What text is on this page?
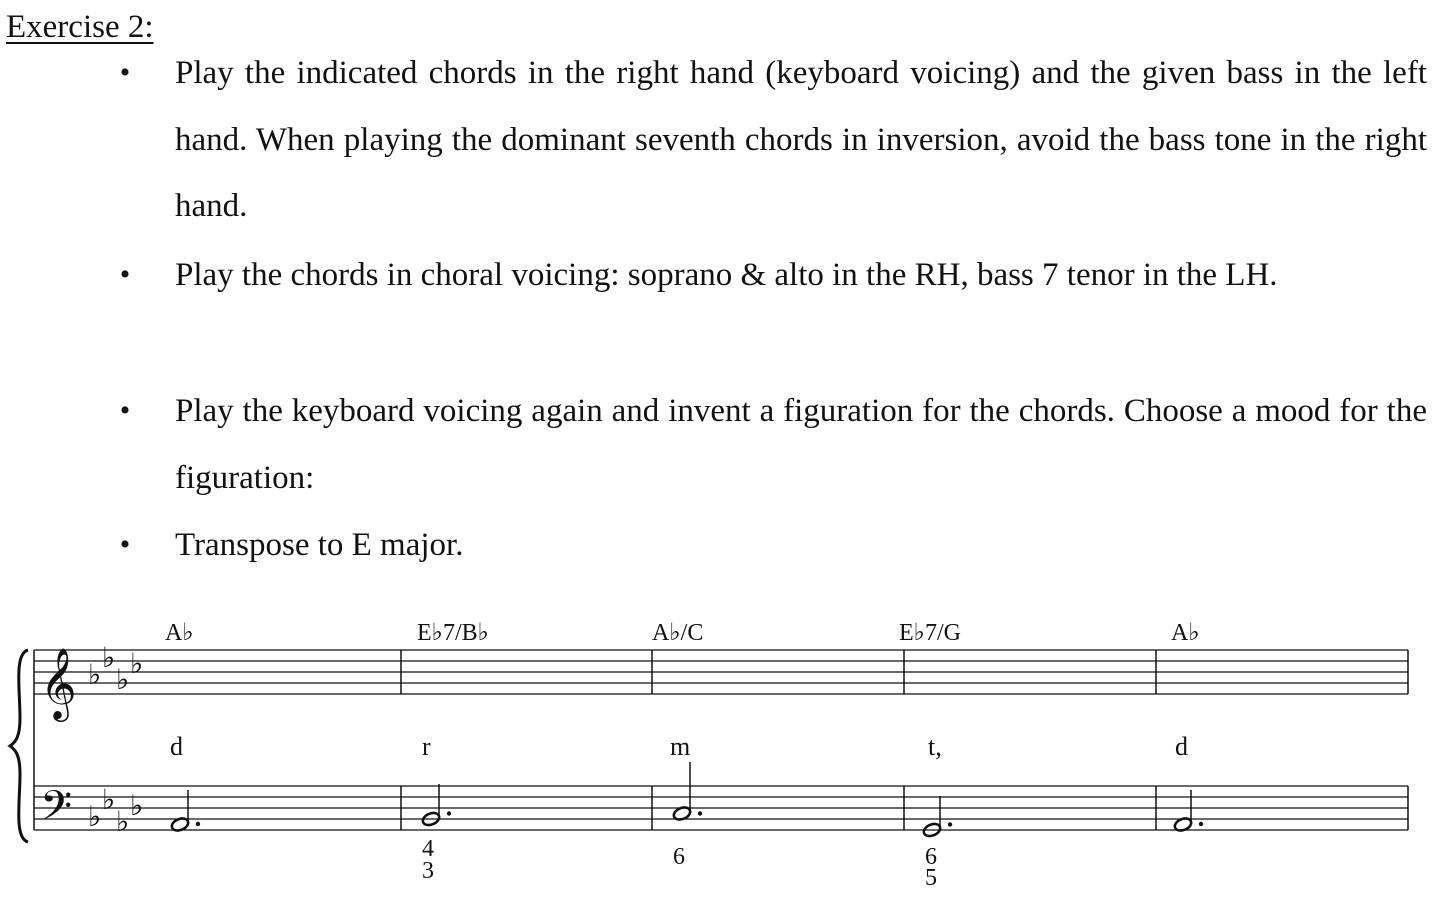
Exercise 2:
• Play the indicated chords in the right hand (keyboard voicing) and the given bass in the left hand. When playing the dominant seventh chords in inversion, avoid the bass tone in the right hand.
• Play the chords in choral voicing: soprano & alto in the RH, bass 7 tenor in the LH.
• Play the keyboard voicing again and invent a figuration for the chords. Choose a mood for the figuration:
• Transpose to E major.
𝄞
𝄢
♭
♭
♭
♭
♭
♭
♭
♭
A♭	E♭7/B♭	A♭/C	E♭7/G	A♭
d	r	m	t,	d
4
3
6	6
5
